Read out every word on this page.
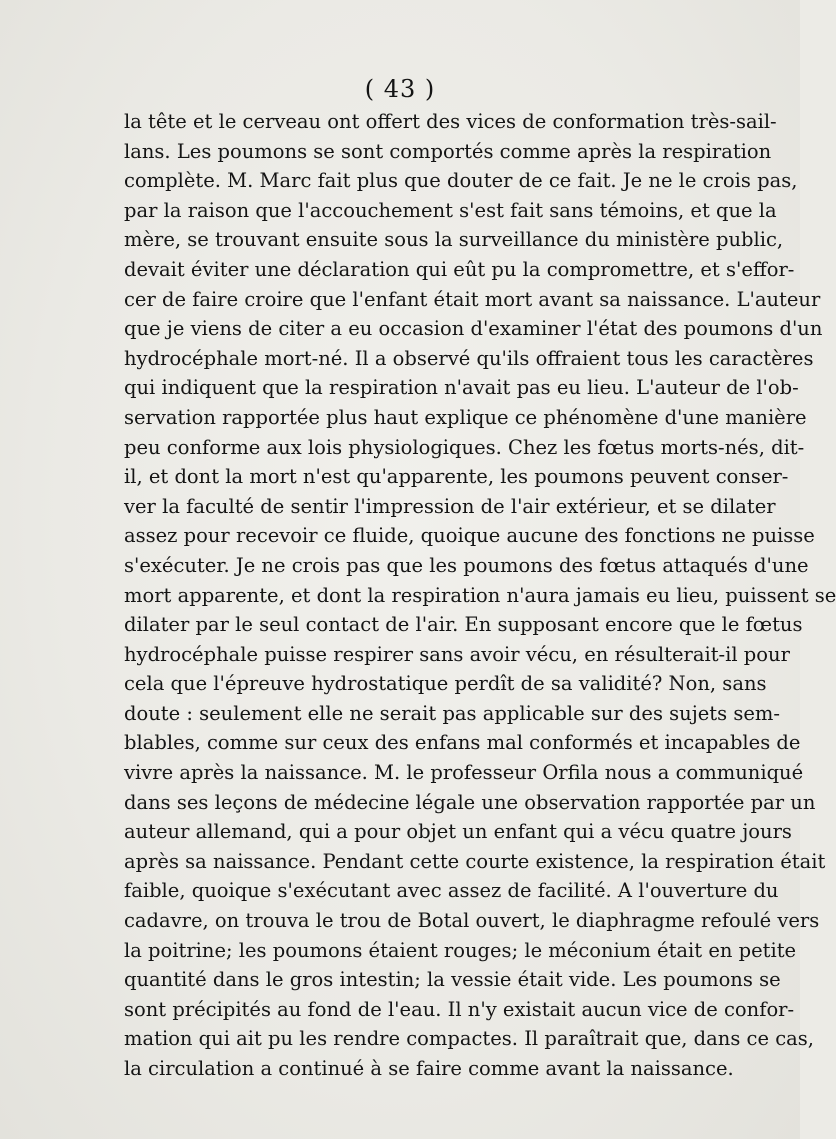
( 43 )
la tête et le cerveau ont offert des vices de conformation très-sail-
lans. Les poumons se sont comportés comme après la respiration
complète. M. Marc fait plus que douter de ce fait. Je ne le crois pas,
par la raison que l'accouchement s'est fait sans témoins, et que la
mère, se trouvant ensuite sous la surveillance du ministère public,
devait éviter une déclaration qui eût pu la compromettre, et s'effor-
cer de faire croire que l'enfant était mort avant sa naissance. L'auteur
que je viens de citer a eu occasion d'examiner l'état des poumons d'un
hydrocéphale mort-né. Il a observé qu'ils offraient tous les caractères
qui indiquent que la respiration n'avait pas eu lieu. L'auteur de l'ob-
servation rapportée plus haut explique ce phénomène d'une manière
peu conforme aux lois physiologiques. Chez les fœtus morts-nés, dit-
il, et dont la mort n'est qu'apparente, les poumons peuvent conser-
ver la faculté de sentir l'impression de l'air extérieur, et se dilater
assez pour recevoir ce fluide, quoique aucune des fonctions ne puisse
s'exécuter. Je ne crois pas que les poumons des fœtus attaqués d'une
mort apparente, et dont la respiration n'aura jamais eu lieu, puissent se
dilater par le seul contact de l'air. En supposant encore que le fœtus
hydrocéphale puisse respirer sans avoir vécu, en résulterait-il pour
cela que l'épreuve hydrostatique perdît de sa validité? Non, sans
doute : seulement elle ne serait pas applicable sur des sujets sem-
blables, comme sur ceux des enfans mal conformés et incapables de
vivre après la naissance. M. le professeur Orfila nous a communiqué
dans ses leçons de médecine légale une observation rapportée par un
auteur allemand, qui a pour objet un enfant qui a vécu quatre jours
après sa naissance. Pendant cette courte existence, la respiration était
faible, quoique s'exécutant avec assez de facilité. A l'ouverture du
cadavre, on trouva le trou de Botal ouvert, le diaphragme refoulé vers
la poitrine; les poumons étaient rouges; le méconium était en petite
quantité dans le gros intestin; la vessie était vide. Les poumons se
sont précipités au fond de l'eau. Il n'y existait aucun vice de confor-
mation qui ait pu les rendre compactes. Il paraîtrait que, dans ce cas,
la circulation a continué à se faire comme avant la naissance.
